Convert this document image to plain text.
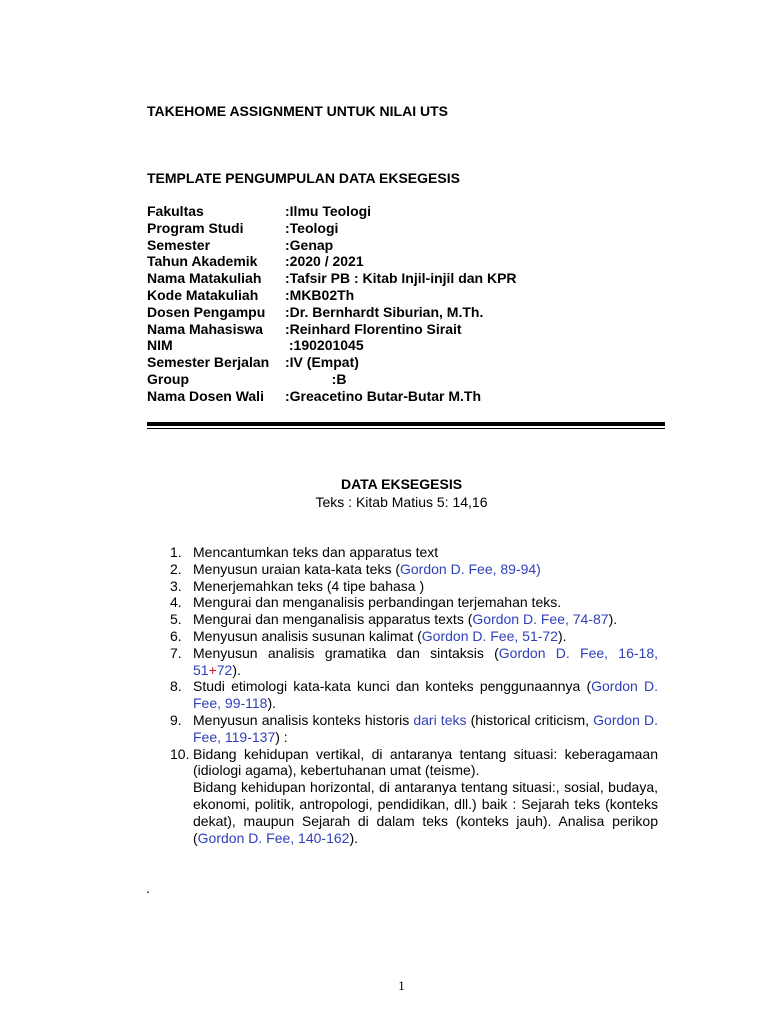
TAKEHOME ASSIGNMENT UNTUK NILAI UTS
TEMPLATE PENGUMPULAN DATA EKSEGESIS
Fakultas	:Ilmu Teologi
Program Studi	:Teologi
Semester	:Genap
Tahun Akademik	:2020 / 2021
Nama Matakuliah	:Tafsir PB : Kitab Injil-injil dan KPR
Kode Matakuliah	:MKB02Th
Dosen Pengampu	:Dr. Bernhardt Siburian, M.Th.
Nama Mahasiswa	:Reinhard Florentino Sirait
NIM	:190201045
Semester Berjalan	:IV (Empat)
Group	:B
Nama Dosen Wali	:Greacetino Butar-Butar M.Th
DATA EKSEGESIS
Teks : Kitab Matius 5: 14,16
1. Mencantumkan teks dan apparatus text
2. Menyusun uraian kata-kata teks (Gordon D. Fee, 89-94)
3. Menerjemahkan teks (4 tipe bahasa )
4. Mengurai dan menganalisis perbandingan terjemahan teks.
5. Mengurai dan menganalisis apparatus texts (Gordon D. Fee, 74-87).
6. Menyusun analisis susunan kalimat (Gordon D. Fee, 51-72).
7. Menyusun analisis gramatika dan sintaksis (Gordon D. Fee, 16-18, 51+72).
8. Studi etimologi kata-kata kunci dan konteks penggunaannya (Gordon D. Fee, 99-118).
9. Menyusun analisis konteks historis dari teks (historical criticism, Gordon D. Fee, 119-137) :
10. Bidang kehidupan vertikal, di antaranya tentang situasi: keberagamaan (idiologi agama), kebertuhanan umat (teisme).
Bidang kehidupan horizontal, di antaranya tentang situasi:, sosial, budaya, ekonomi, politik, antropologi, pendidikan, dll.) baik : Sejarah teks (konteks dekat), maupun Sejarah di dalam teks (konteks jauh). Analisa perikop (Gordon D. Fee, 140-162).
.
1
